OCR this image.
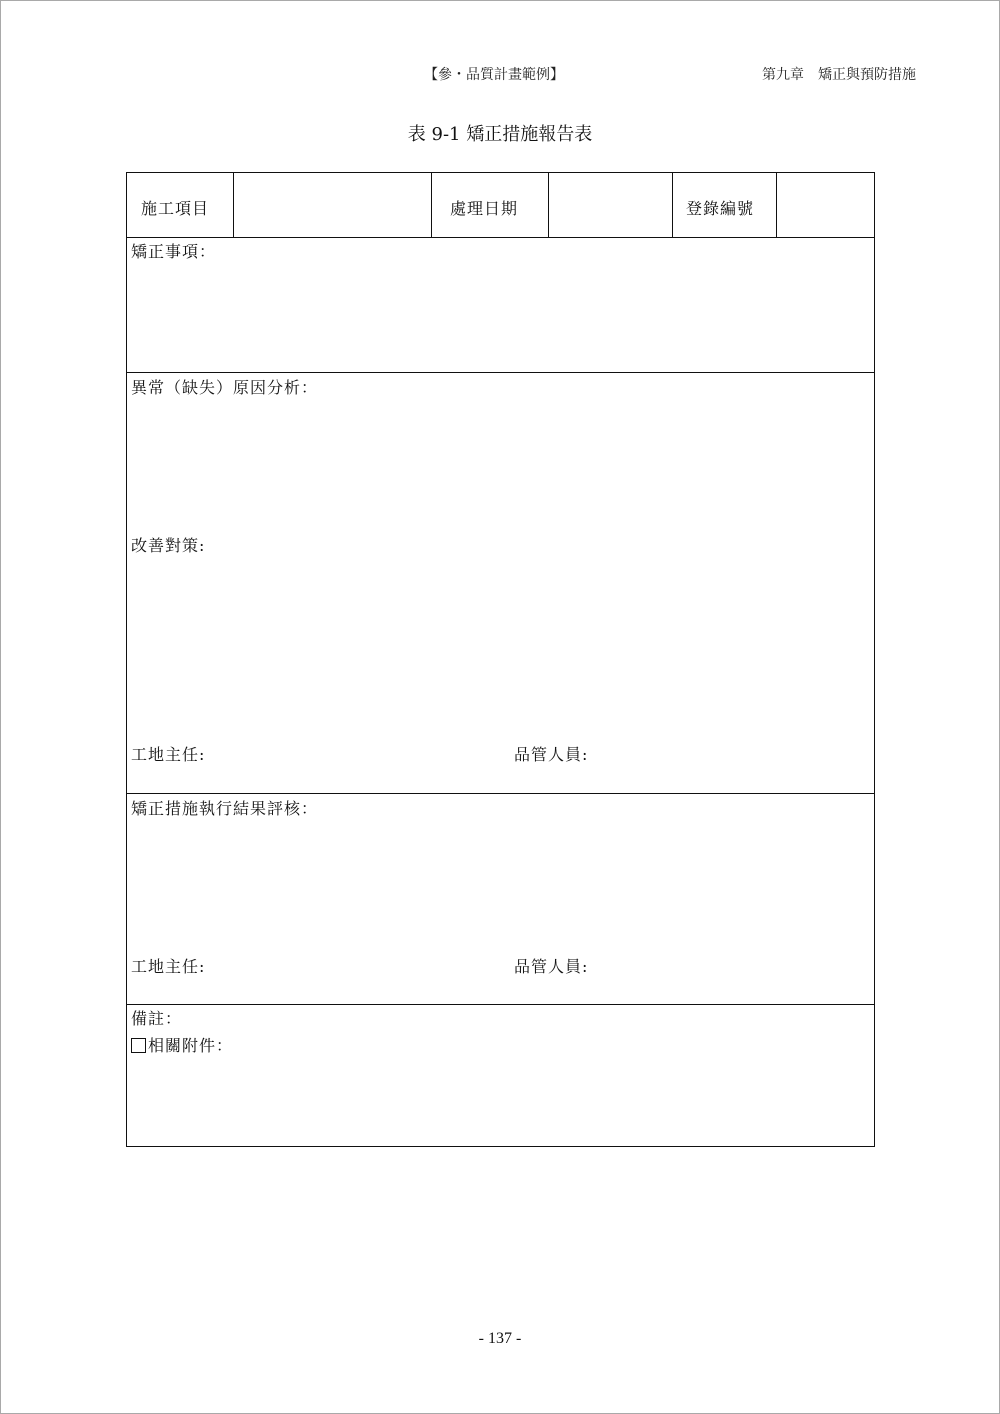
【參・品質計畫範例】	第九章　矯正與預防措施
表 9-1 矯正措施報告表
施工項目	處理日期	登錄編號
矯正事項：
異常（缺失）原因分析：
改善對策:
工地主任:	品管人員:
矯正措施執行結果評核：
工地主任:	品管人員:
備註：
相關附件：
- 137 -
